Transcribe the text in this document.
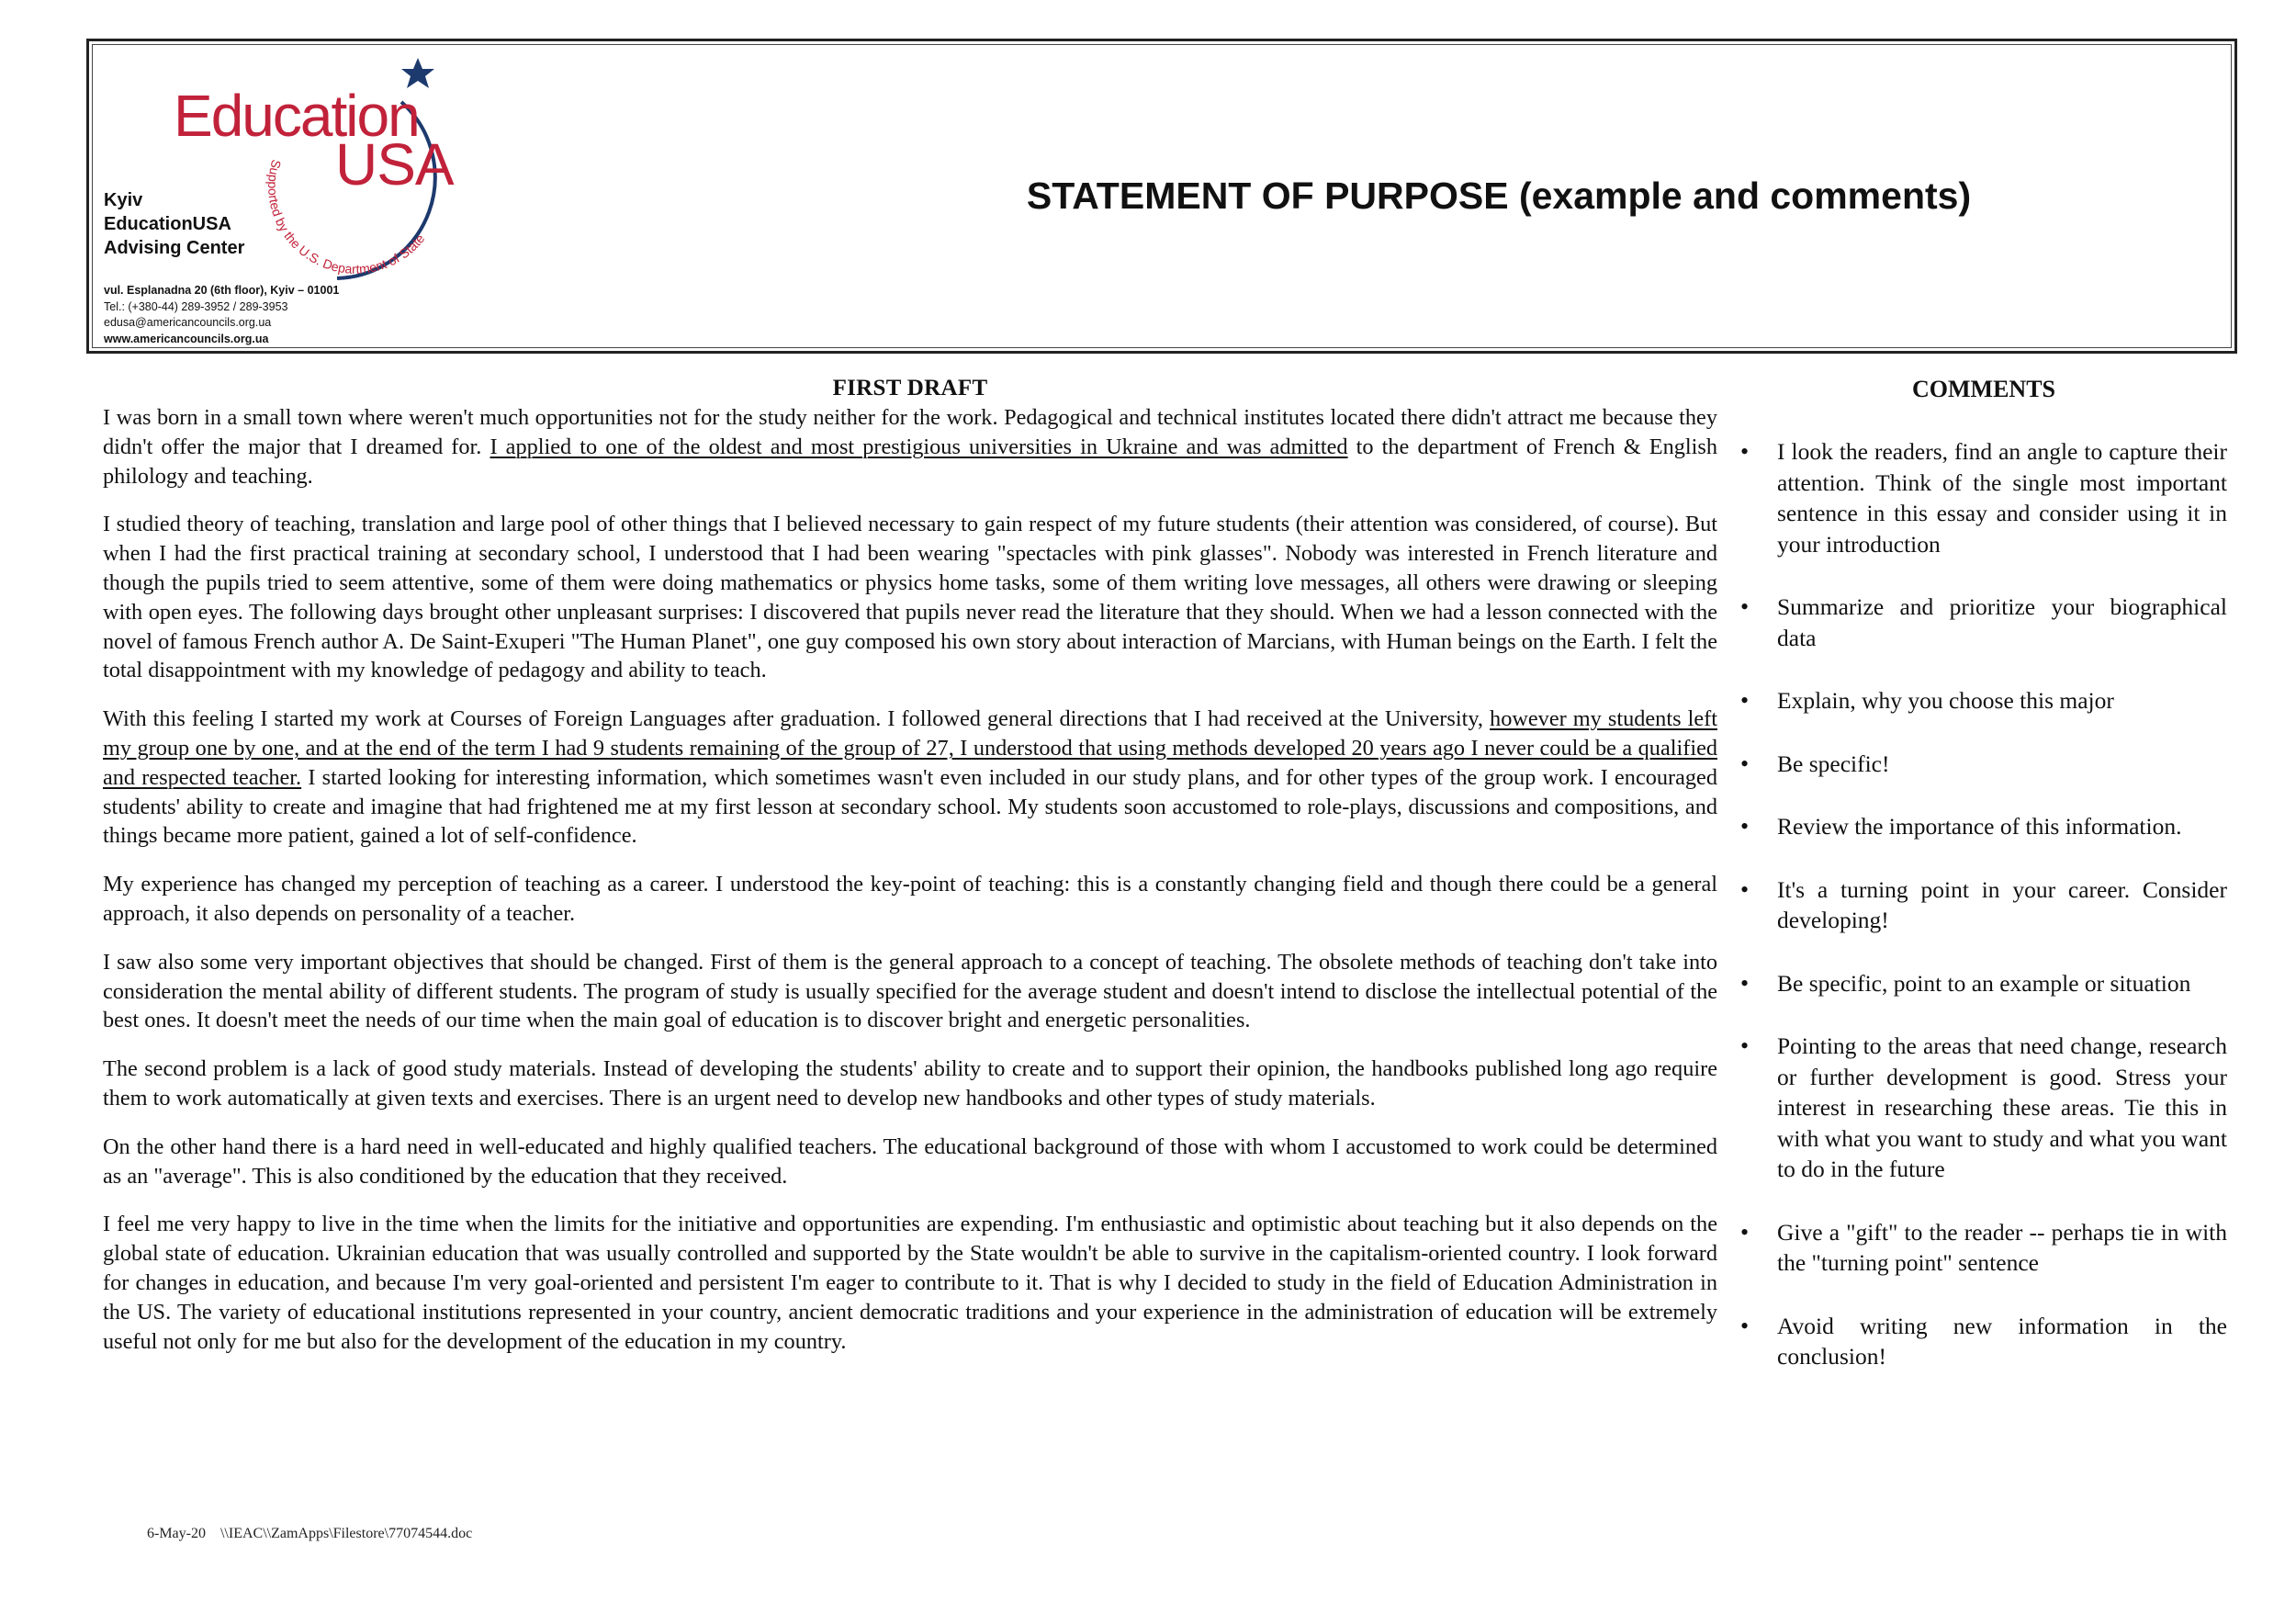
Education
USA
Supported by the U.S. Department of State
Kyiv
EducationUSA
Advising Center
vul. Esplanadna 20 (6th floor), Kyiv – 01001
Tel.: (+380-44) 289-3952 / 289-3953
edusa@americancouncils.org.ua
www.americancouncils.org.ua
STATEMENT OF PURPOSE (example and comments)
FIRST DRAFT

I was born in a small town where weren't much opportunities not for the study neither for the work. Pedagogical and technical institutes located there didn't attract me because they didn't offer the major that I dreamed for. I applied to one of the oldest and most prestigious universities in Ukraine and was admitted to the department of French & English philology and teaching.

I studied theory of teaching, translation and large pool of other things that I believed necessary to gain respect of my future students (their attention was considered, of course). But when I had the first practical training at secondary school, I understood that I had been wearing "spectacles with pink glasses". Nobody was interested in French literature and though the pupils tried to seem attentive, some of them were doing mathematics or physics home tasks, some of them writing love messages, all others were drawing or sleeping with open eyes. The following days brought other unpleasant surprises: I discovered that pupils never read the literature that they should. When we had a lesson connected with the novel of famous French author A. De Saint-Exuperi "The Human Planet", one guy composed his own story about interaction of Marcians, with Human beings on the Earth. I felt the total disappointment with my knowledge of pedagogy and ability to teach.

With this feeling I started my work at Courses of Foreign Languages after graduation. I followed general directions that I had received at the University, however my students left my group one by one, and at the end of the term I had 9 students remaining of the group of 27, I understood that using methods developed 20 years ago I never could be a qualified and respected teacher. I started looking for interesting information, which sometimes wasn't even included in our study plans, and for other types of the group work. I encouraged students' ability to create and imagine that had frightened me at my first lesson at secondary school. My students soon accustomed to role-plays, discussions and compositions, and things became more patient, gained a lot of self-confidence.

My experience has changed my perception of teaching as a career. I understood the key-point of teaching: this is a constantly changing field and though there could be a general approach, it also depends on personality of a teacher.

I saw also some very important objectives that should be changed. First of them is the general approach to a concept of teaching. The obsolete methods of teaching don't take into consideration the mental ability of different students. The program of study is usually specified for the average student and doesn't intend to disclose the intellectual potential of the best ones. It doesn't meet the needs of our time when the main goal of education is to discover bright and energetic personalities.

The second problem is a lack of good study materials. Instead of developing the students' ability to create and to support their opinion, the handbooks published long ago require them to work automatically at given texts and exercises. There is an urgent need to develop new handbooks and other types of study materials.

On the other hand there is a hard need in well-educated and highly qualified teachers. The educational background of those with whom I accustomed to work could be determined as an "average". This is also conditioned by the education that they received.

I feel me very happy to live in the time when the limits for the initiative and opportunities are expending. I'm enthusiastic and optimistic about teaching but it also depends on the global state of education. Ukrainian education that was usually controlled and supported by the State wouldn't be able to survive in the capitalism-oriented country. I look forward for changes in education, and because I'm very goal-oriented and persistent I'm eager to contribute to it. That is why I decided to study in the field of Education Administration in the US. The variety of educational institutions represented in your country, ancient democratic traditions and your experience in the administration of education will be extremely useful not only for me but also for the development of the education in my country.

COMMENTS
• I look the readers, find an angle to capture their attention. Think of the single most important sentence in this essay and consider using it in your introduction
• Summarize and prioritize your biographical data
• Explain, why you choose this major
• Be specific!
• Review the importance of this information.
• It's a turning point in your career. Consider developing!
• Be specific, point to an example or situation
• Pointing to the areas that need change, research or further development is good. Stress your interest in researching these areas. Tie this in with what you want to study and what you want to do in the future
• Give a "gift" to the reader -- perhaps tie in with the "turning point" sentence
• Avoid writing new information in the conclusion!
6-May-20 \\IEAC\\ZamApps\Filestore\77074544.doc
